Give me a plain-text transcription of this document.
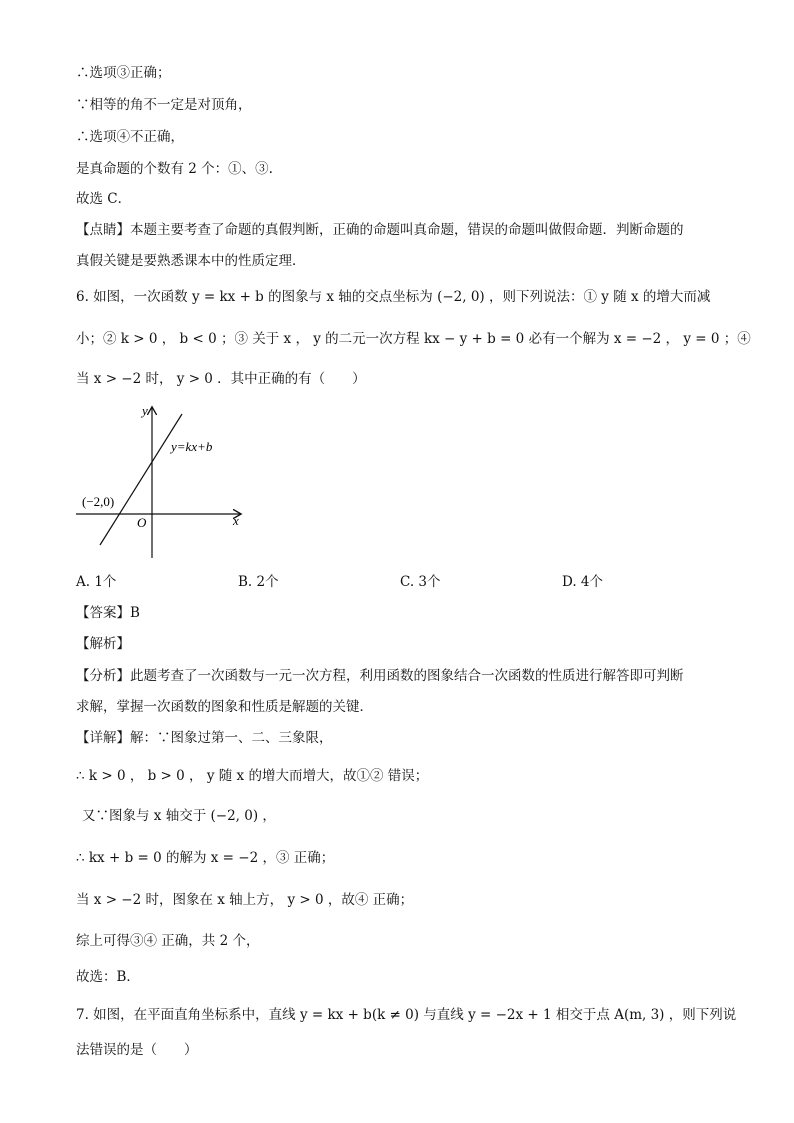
∴选项③正确；
∵相等的角不一定是对顶角，
∴选项④不正确，
是真命题的个数有 2 个：①、③.
故选 C．
【点睛】本题主要考查了命题的真假判断，正确的命题叫真命题，错误的命题叫做假命题．判断命题的
真假关键是要熟悉课本中的性质定理．
6. 如图，一次函数 y = kx + b 的图象与 x 轴的交点坐标为 (−2, 0) ，则下列说法：① y 随 x 的增大而减
小；② k > 0 ， b < 0 ；③ 关于 x ， y 的二元一次方程 kx − y + b = 0 必有一个解为 x = −2 ， y = 0 ；④
当 x > −2 时， y > 0 ．其中正确的有（　　）
y
x
O
(−2,0)
y=kx+b
A. 1个	B. 2个	C. 3个	D. 4个
【答案】B
【解析】
【分析】此题考查了一次函数与一元一次方程，利用函数的图象结合一次函数的性质进行解答即可判断
求解，掌握一次函数的图象和性质是解题的关键．
【详解】解：∵图象过第一、二、三象限，
∴ k > 0 ， b > 0 ， y 随 x 的增大而增大，故①② 错误；
又∵图象与 x 轴交于 (−2, 0) ，
∴ kx + b = 0 的解为 x = −2 ，③ 正确；
当 x > −2 时，图象在 x 轴上方， y > 0 ，故④ 正确；
综上可得③④ 正确，共 2 个，
故选：B．
7. 如图，在平面直角坐标系中，直线 y = kx + b(k ≠ 0) 与直线 y = −2x + 1 相交于点 A(m, 3) ，则下列说
法错误的是（　　）
